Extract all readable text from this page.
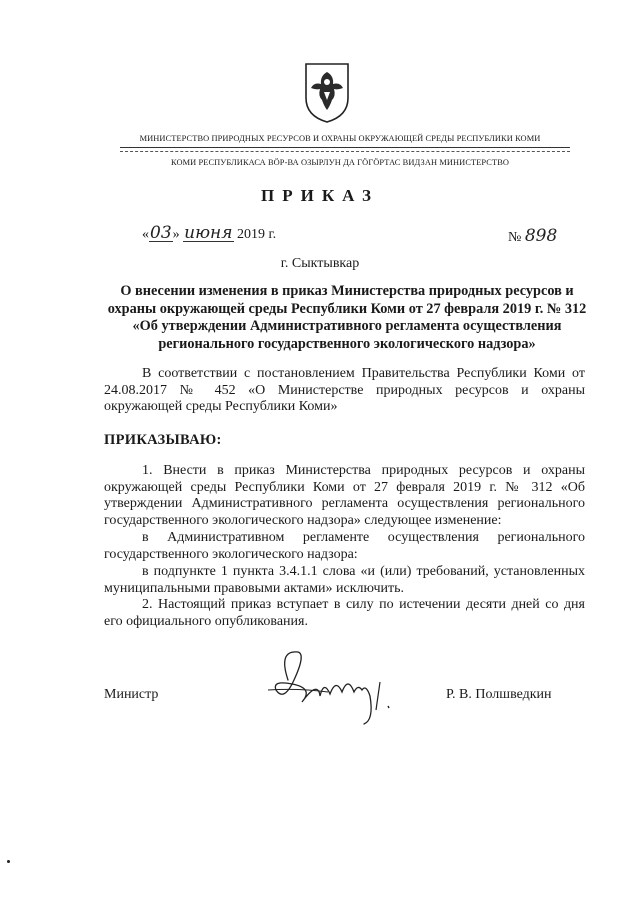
МИНИСТЕРСТВО ПРИРОДНЫХ РЕСУРСОВ И ОХРАНЫ ОКРУЖАЮЩЕЙ СРЕДЫ РЕСПУБЛИКИ КОМИ
КОМИ РЕСПУБЛИКАСА ВӦР-ВА ОЗЫРЛУН ДА ГӦГӦРТАС ВИДЗАН МИНИСТЕРСТВО
ПРИКАЗ
«03» июня 2019 г.	№ 898
г. Сыктывкар
О внесении изменения в приказ Министерства природных ресурсов и охраны окружающей среды Республики Коми от 27 февраля 2019 г. № 312 «Об утверждении Административного регламента осуществления регионального государственного экологического надзора»
В соответствии с постановлением Правительства Республики Коми от 24.08.2017 № 452 «О Министерстве природных ресурсов и охраны окружающей среды Республики Коми»
ПРИКАЗЫВАЮ:
1. Внести в приказ Министерства природных ресурсов и охраны окружающей среды Республики Коми от 27 февраля 2019 г. № 312 «Об утверждении Административного регламента осуществления регионального государственного экологического надзора» следующее изменение:
в Административном регламенте осуществления регионального государственного экологического надзора:
в подпункте 1 пункта 3.4.1.1 слова «и (или) требований, установленных муниципальными правовыми актами» исключить.
2. Настоящий приказ вступает в силу по истечении десяти дней со дня его официального опубликования.
Министр	Р. В. Полшведкин
